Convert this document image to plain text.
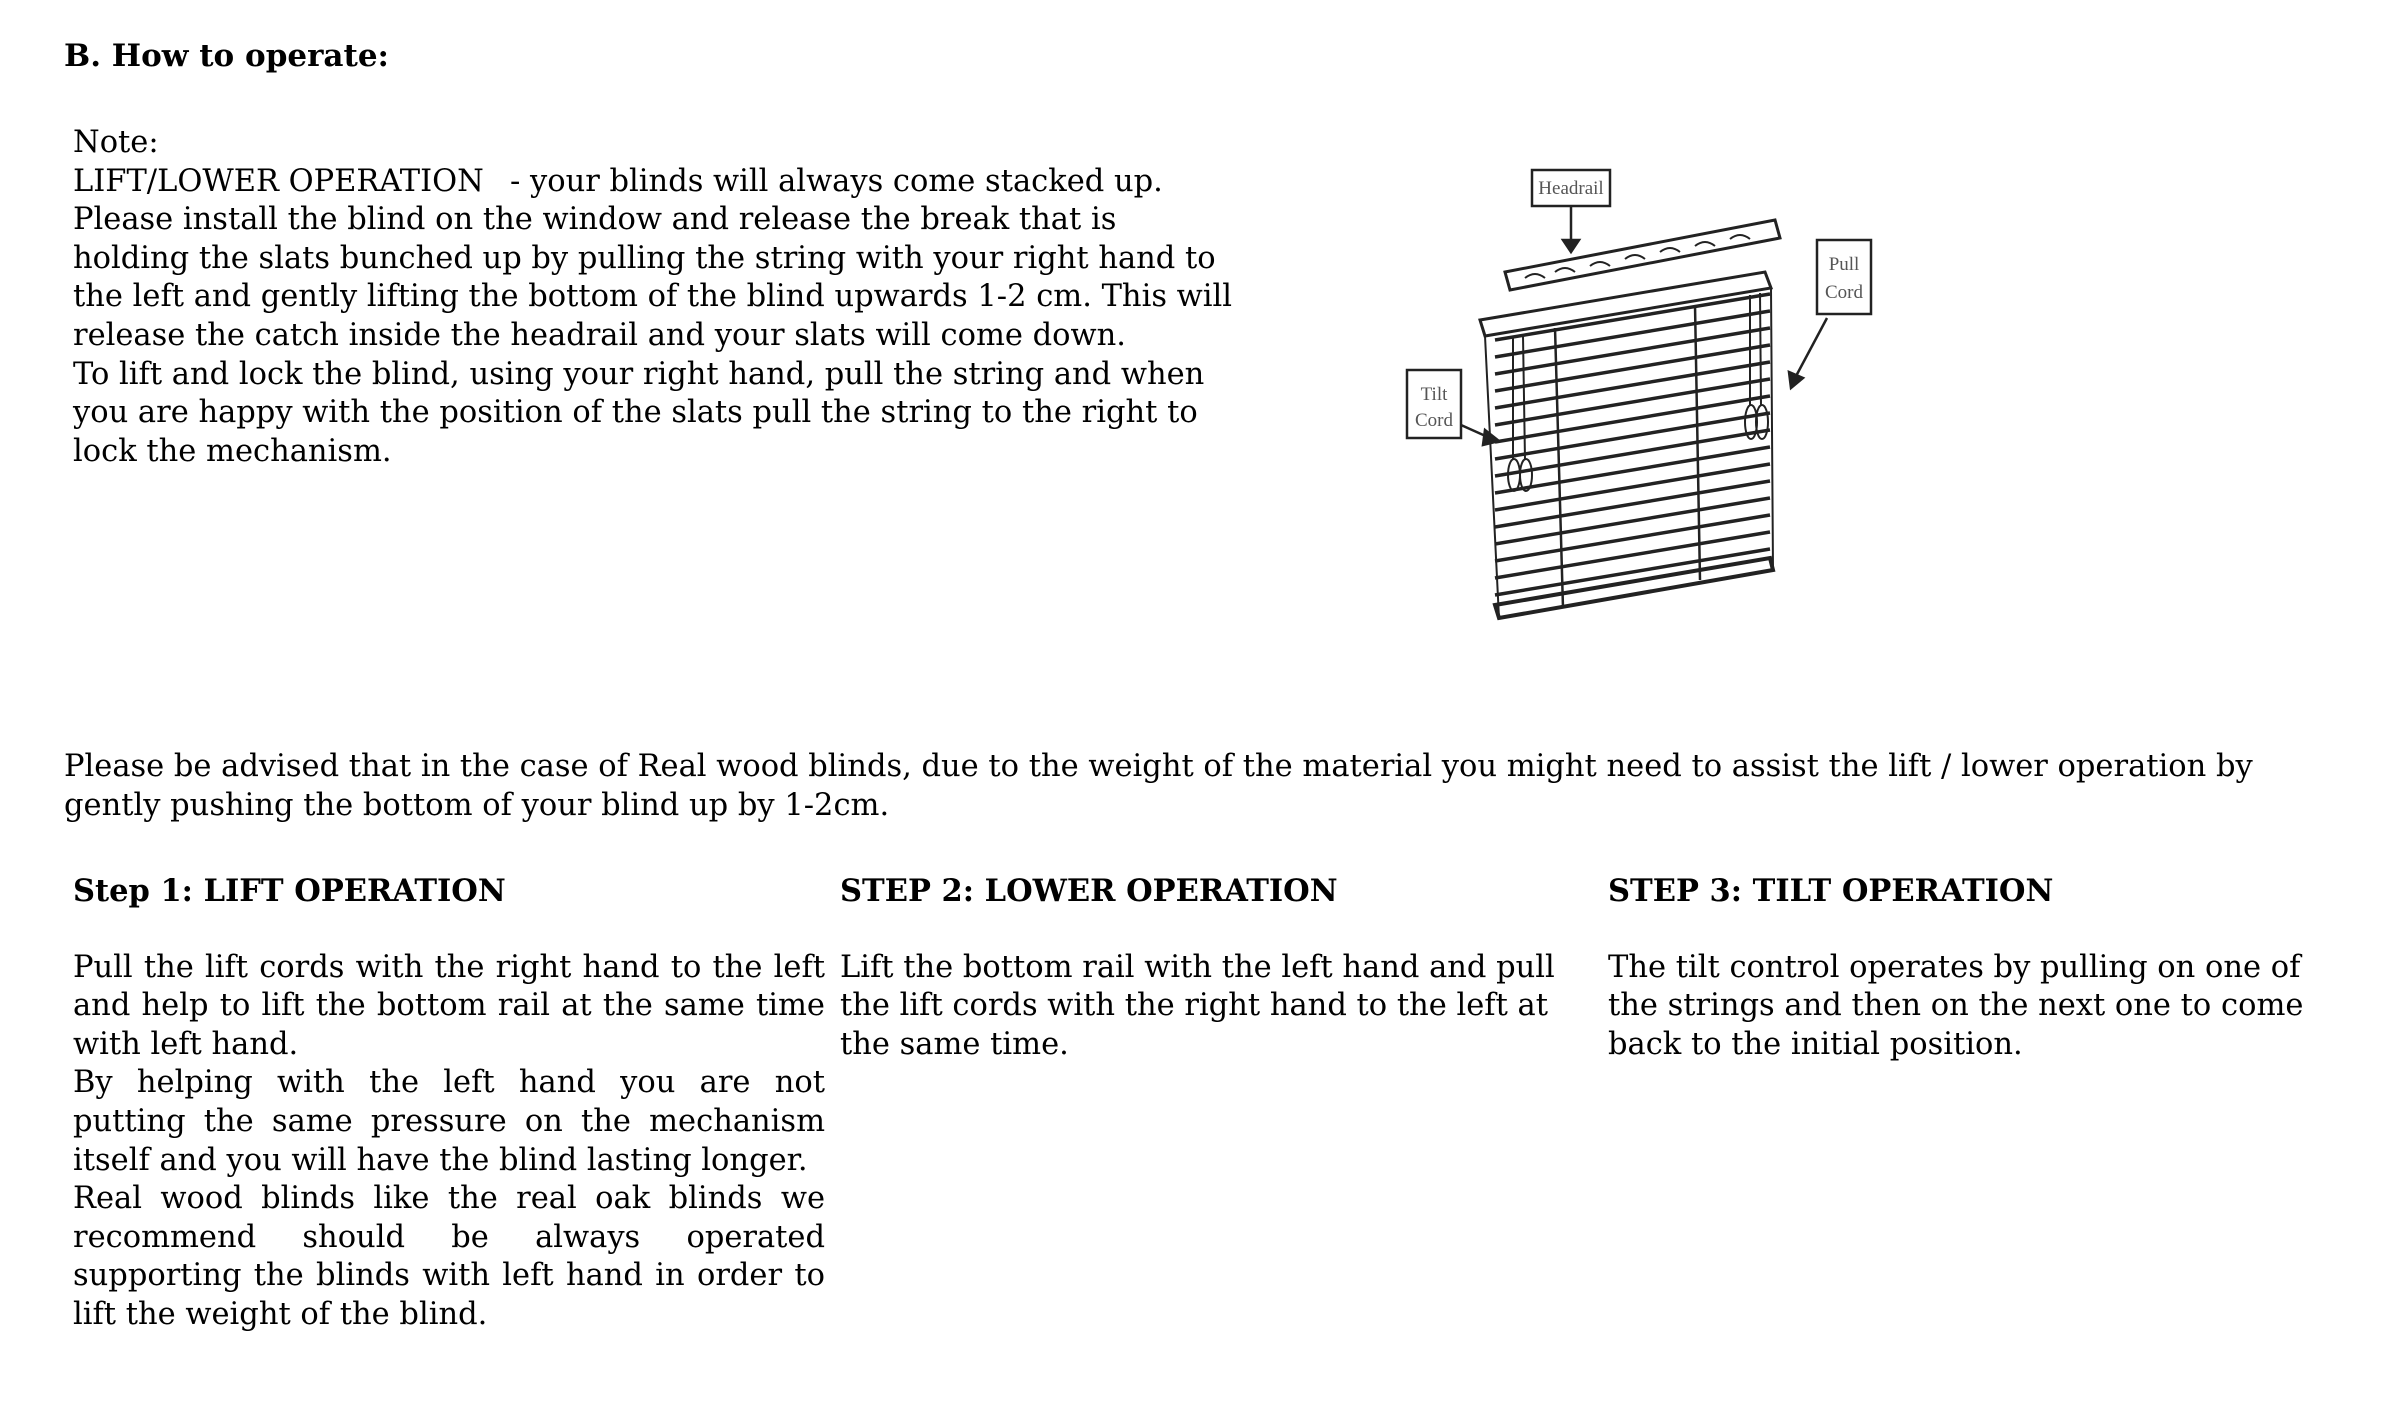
B. How to operate:

Note:

LIFT/LOWER OPERATION - your blinds will always come stacked up. Please install the blind on the window and release the break that is holding the slats bunched up by pulling the string with your right hand to the left and gently lifting the bottom of the blind upwards 1-2 cm. This will release the catch inside the headrail and your slats will come down.

To lift and lock the blind, using your right hand, pull the string and when you are happy with the position of the slats pull the string to the right to lock the mechanism.

Headrail
Pull
Cord
Tilt
Cord

Please be advised that in the case of Real wood blinds, due to the weight of the material you might need to assist the lift / lower operation by gently pushing the bottom of your blind up by 1-2cm.

Step 1: LIFT OPERATION

Pull the lift cords with the right hand to the left and help to lift the bottom rail at the same time with left hand.

By helping with the left hand you are not putting the same pressure on the mechanism itself and you will have the blind lasting longer.

Real wood blinds like the real oak blinds we recommend should be always operated supporting the blinds with left hand in order to lift the weight of the blind.

STEP 2: LOWER OPERATION

Lift the bottom rail with the left hand and pull the lift cords with the right hand to the left at the same time.

STEP 3: TILT OPERATION

The tilt control operates by pulling on one of the strings and then on the next one to come back to the initial position.
